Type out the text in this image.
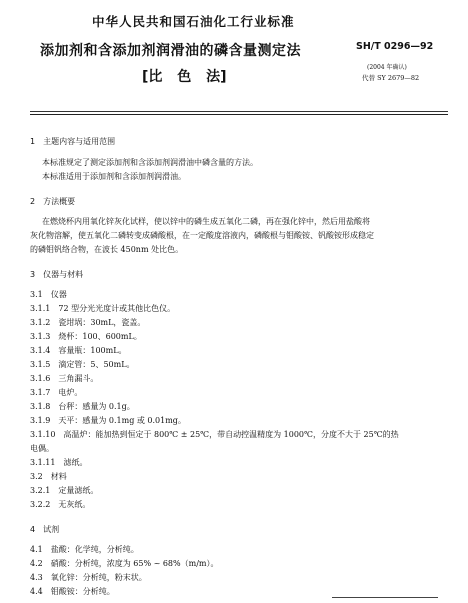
中华人民共和国石油化工行业标准
添加剂和含添加剂润滑油的磷含量测定法
[比 色 法]
SH/T 0296—92
(2004 年确认)
代替 SY 2679—82
1　主题内容与适用范围
本标准规定了测定添加剂和含添加剂润滑油中磷含量的方法。
本标准适用于添加剂和含添加剂润滑油。
2　方法概要
在燃烧杯内用氧化锌灰化试样，使以锌中的磷生成五氧化二磷，再在强化锌中，然后用盐酸将
灰化物溶解，使五氧化二磷转变成磷酸根，在一定酸度溶液内，磷酸根与钼酸铵、钒酸铵形成稳定
的磷钼钒络合物，在波长 450nm 处比色。
3　仪器与材料
3.1　仪器
3.1.1　72 型分光光度计或其他比色仪。
3.1.2　瓷坩埚：30mL，瓷盖。
3.1.3　烧杯：100、600mL。
3.1.4　容量瓶：100mL。
3.1.5　滴定管：5、50mL。
3.1.6　三角漏斗。
3.1.7　电炉。
3.1.8　台秤：感量为 0.1g。
3.1.9　天平：感量为 0.1mg 或 0.01mg。
3.1.10　高温炉：能加热到恒定于 800℃ ± 25℃，带自动控温精度为 1000℃，分度不大于 25℃的热
电偶。
3.1.11　滤纸。
3.2　材料
3.2.1　定量滤纸。
3.2.2　无灰纸。
4　试剂
4.1　盐酸：化学纯，分析纯。
4.2　硝酸：分析纯，浓度为 65% ~ 68%（m/m）。
4.3　氧化锌：分析纯，粉末状。
4.4　钼酸铵：分析纯。
